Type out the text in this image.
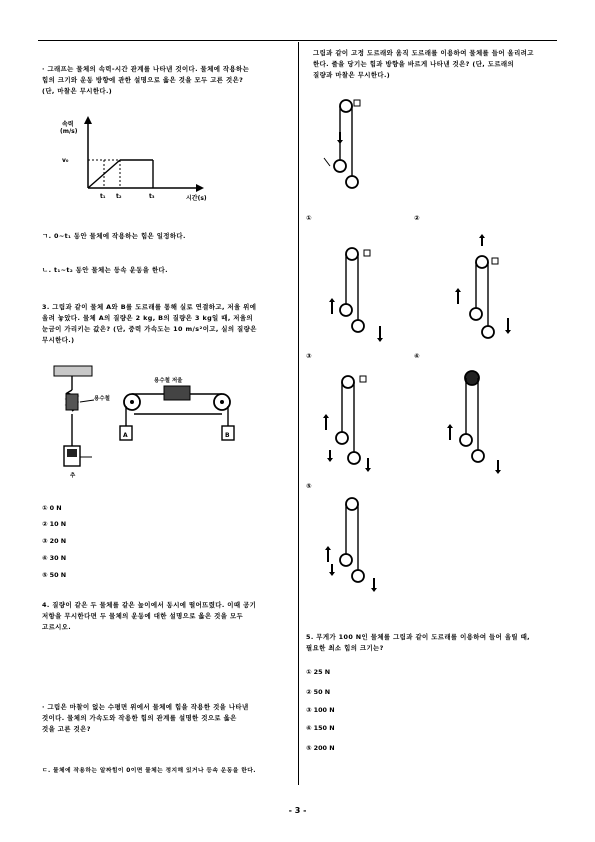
· 그래프는 물체의 속력-시간 관계를 나타낸 것이다. 물체에 작용하는
힘의 크기와 운동 방향에 관한 설명으로 옳은 것을 모두 고른 것은?
(단, 마찰은 무시한다.)
속력
(m/s)
v₀
t₁ t₂	t₃	시간(s)
ㄱ. 0~t₁ 동안 물체에 작용하는 힘은 일정하다.
ㄴ. t₁~t₂ 동안 물체는 등속 운동을 한다.
3. 그림과 같이 물체 A와 B를 도르래를 통해 실로 연결하고, 저울 위에
올려 놓았다. 물체 A의 질량은 2 kg, B의 질량은 3 kg일 때, 저울의
눈금이 가리키는 값은? (단, 중력 가속도는 10 m/s²이고, 실의 질량은
무시한다.)
용수철
추
용수철 저울
A	B
① 0 N
② 10 N
③ 20 N
④ 30 N
⑤ 50 N
4. 질량이 같은 두 물체를 같은 높이에서 동시에 떨어뜨렸다. 이때 공기
저항을 무시한다면 두 물체의 운동에 대한 설명으로 옳은 것을 모두
고르시오.
· 그림은 마찰이 없는 수평면 위에서 물체에 힘을 작용한 것을 나타낸
것이다. 물체의 가속도와 작용한 힘의 관계를 설명한 것으로 옳은
것을 고른 것은?
ㄷ. 물체에 작용하는 알짜힘이 0이면 물체는 정지해 있거나 등속 운동을 한다.
그림과 같이 고정 도르래와 움직 도르래를 이용하여 물체를 들어 올리려고
한다. 줄을 당기는 힘과 방향을 바르게 나타낸 것은? (단, 도르래의
질량과 마찰은 무시한다.)
①	②
③	④
⑤
5. 무게가 100 N인 물체를 그림과 같이 도르래를 이용하여 들어 올릴 때,
필요한 최소 힘의 크기는?
① 25 N
② 50 N
③ 100 N
④ 150 N
⑤ 200 N
- 3 -
